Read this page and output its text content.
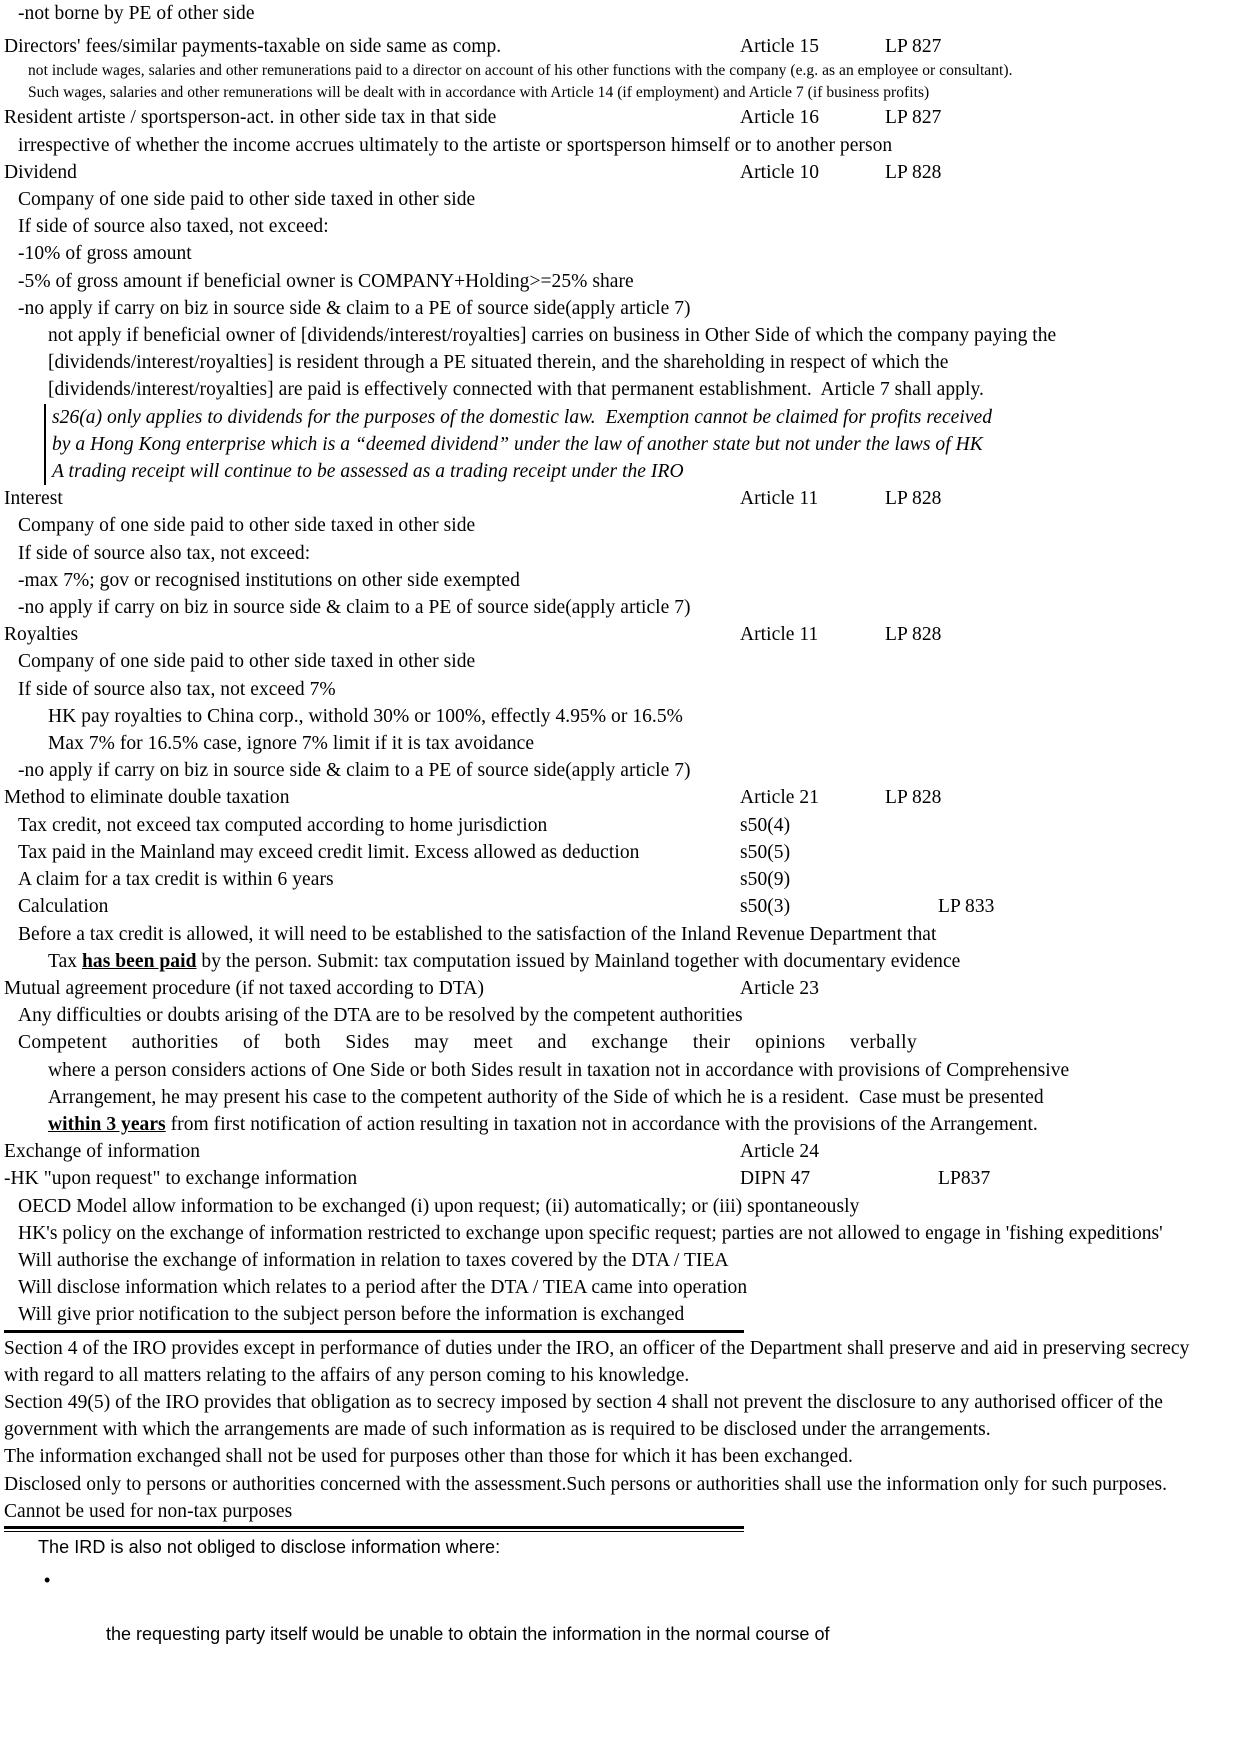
-not borne by PE of other side
Directors' fees/similar payments-taxable on side same as comp.	Article 15	LP 827
not include wages, salaries and other remunerations paid to a director on account of his other functions with the company (e.g. as an employee or consultant).
Such wages, salaries and other remunerations will be dealt with in accordance with Article 14 (if employment) and Article 7 (if business profits)
Resident artiste / sportsperson-act. in other side tax in that side	Article 16	LP 827
irrespective of whether the income accrues ultimately to the artiste or sportsperson himself or to another person
Dividend	Article 10	LP 828
Company of one side paid to other side taxed in other side
If side of source also taxed, not exceed:
-10% of gross amount
-5% of gross amount if beneficial owner is COMPANY+Holding>=25% share
-no apply if carry on biz in source side & claim to a PE of source side(apply article 7)
not apply if beneficial owner of [dividends/interest/royalties] carries on business in Other Side of which the company paying the
[dividends/interest/royalties] is resident through a PE situated therein, and the shareholding in respect of which the
[dividends/interest/royalties] are paid is effectively connected with that permanent establishment.  Article 7 shall apply.
s26(a) only applies to dividends for the purposes of the domestic law.  Exemption cannot be claimed for profits received
by a Hong Kong enterprise which is a “deemed dividend” under the law of another state but not under the laws of HK
A trading receipt will continue to be assessed as a trading receipt under the IRO
Interest	Article 11	LP 828
Company of one side paid to other side taxed in other side
If side of source also tax, not exceed:
-max 7%; gov or recognised institutions on other side exempted
-no apply if carry on biz in source side & claim to a PE of source side(apply article 7)
Royalties	Article 11	LP 828
Company of one side paid to other side taxed in other side
If side of source also tax, not exceed 7%
HK pay royalties to China corp., withold 30% or 100%, effectly 4.95% or 16.5%
Max 7% for 16.5% case, ignore 7% limit if it is tax avoidance
-no apply if carry on biz in source side & claim to a PE of source side(apply article 7)
Method to eliminate double taxation	Article 21	LP 828
Tax credit, not exceed tax computed according to home jurisdiction	s50(4)
Tax paid in the Mainland may exceed credit limit. Excess allowed as deduction	s50(5)
A claim for a tax credit is within 6 years	s50(9)
Calculation	s50(3)	LP 833
Before a tax credit is allowed, it will need to be established to the satisfaction of the Inland Revenue Department that
Tax has been paid by the person. Submit: tax computation issued by Mainland together with documentary evidence
Mutual agreement procedure (if not taxed according to DTA)	Article 23
Any difficulties or doubts arising of the DTA are to be resolved by the competent authorities
Competent  authorities  of  both  Sides  may  meet  and  exchange  their  opinions  verbally
where a person considers actions of One Side or both Sides result in taxation not in accordance with provisions of Comprehensive
Arrangement, he may present his case to the competent authority of the Side of which he is a resident.  Case must be presented
within 3 years from first notification of action resulting in taxation not in accordance with the provisions of the Arrangement.
Exchange of information	Article 24
-HK "upon request" to exchange information	DIPN 47	LP837
OECD Model allow information to be exchanged (i) upon request; (ii) automatically; or (iii) spontaneously
HK's policy on the exchange of information restricted to exchange upon specific request; parties are not allowed to engage in 'fishing expeditions'
Will authorise the exchange of information in relation to taxes covered by the DTA / TIEA
Will disclose information which relates to a period after the DTA / TIEA came into operation
Will give prior notification to the subject person before the information is exchanged
Section 4 of the IRO provides except in performance of duties under the IRO, an officer of the Department shall preserve and aid in preserving secrecy
with regard to all matters relating to the affairs of any person coming to his knowledge.
Section 49(5) of the IRO provides that obligation as to secrecy imposed by section 4 shall not prevent the disclosure to any authorised officer of the
government with which the arrangements are made of such information as is required to be disclosed under the arrangements.
The information exchanged shall not be used for purposes other than those for which it has been exchanged.
Disclosed only to persons or authorities concerned with the assessment.Such persons or authorities shall use the information only for such purposes.
Cannot be used for non-tax purposes
The IRD is also not obliged to disclose information where:

•

the requesting party itself would be unable to obtain the information in the normal course of
